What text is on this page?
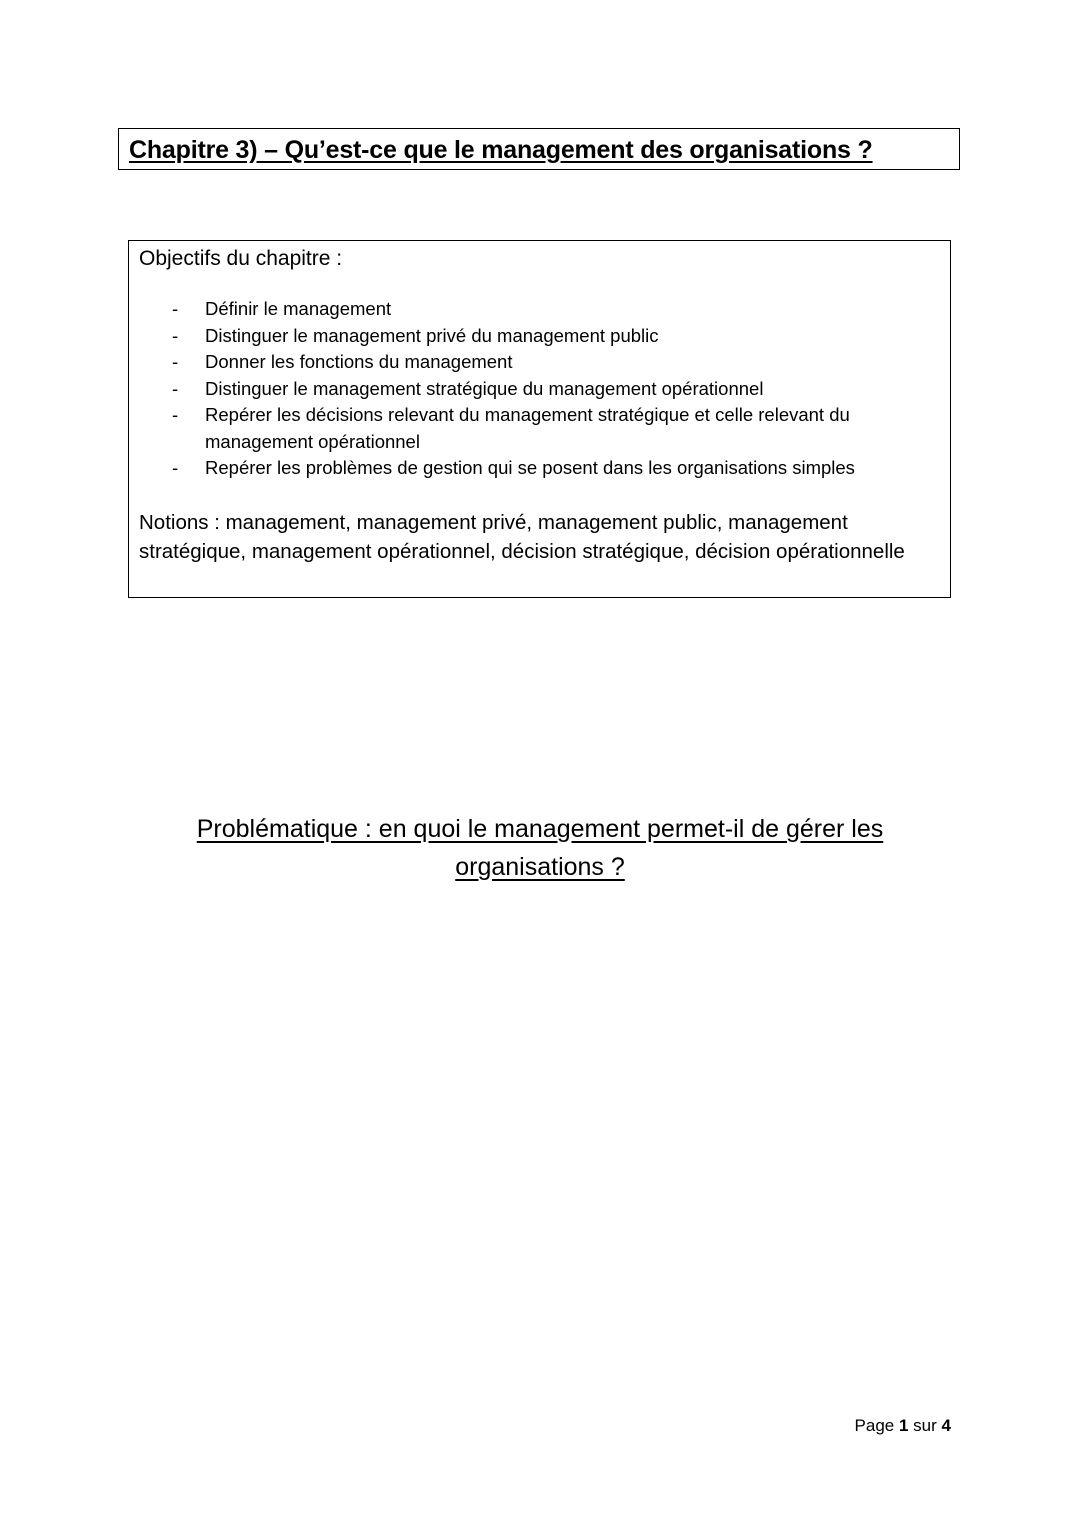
Chapitre 3) – Qu’est-ce que le management des organisations ?
Objectifs du chapitre :
-	Définir le management
-	Distinguer le management privé du management public
-	Donner les fonctions du management
-	Distinguer le management stratégique du management opérationnel
-	Repérer les décisions relevant du management stratégique et celle relevant du management opérationnel
-	Repérer les problèmes de gestion qui se posent dans les organisations simples
Notions : management, management privé, management public, management stratégique, management opérationnel, décision stratégique, décision opérationnelle
Problématique : en quoi le management permet-il de gérer les organisations ?
Page 1 sur 4
